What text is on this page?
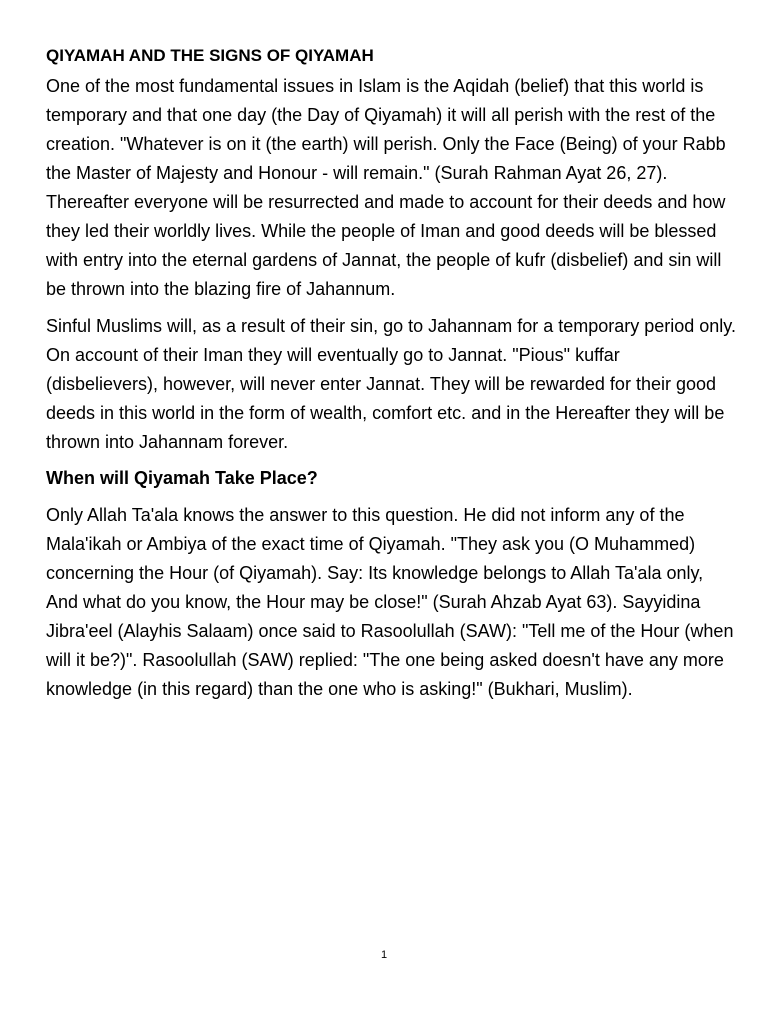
QIYAMAH AND THE SIGNS OF QIYAMAH

One of the most fundamental issues in Islam is the Aqidah (belief) that this world is temporary and that one day (the Day of Qiyamah) it will all perish with the rest of the creation. "Whatever is on it (the earth) will perish. Only the Face (Being) of your Rabb the Master of Majesty and Honour - will remain." (Surah Rahman Ayat 26, 27). Thereafter everyone will be resurrected and made to account for their deeds and how they led their worldly lives. While the people of Iman and good deeds will be blessed with entry into the eternal gardens of Jannat, the people of kufr (disbelief) and sin will be thrown into the blazing fire of Jahannum.

Sinful Muslims will, as a result of their sin, go to Jahannam for a temporary period only. On account of their Iman they will eventually go to Jannat. "Pious" kuffar (disbelievers), however, will never enter Jannat. They will be rewarded for their good deeds in this world in the form of wealth, comfort etc. and in the Hereafter they will be thrown into Jahannam forever.

When will Qiyamah Take Place?

Only Allah Ta'ala knows the answer to this question. He did not inform any of the Mala'ikah or Ambiya of the exact time of Qiyamah. "They ask you (O Muhammed) concerning the Hour (of Qiyamah). Say: Its knowledge belongs to Allah Ta'ala only, And what do you know, the Hour may be close!" (Surah Ahzab Ayat 63). Sayyidina Jibra'eel (Alayhis Salaam) once said to Rasoolullah (SAW): "Tell me of the Hour (when will it be?)". Rasoolullah (SAW) replied: "The one being asked doesn't have any more knowledge (in this regard) than the one who is asking!" (Bukhari, Muslim).

1
